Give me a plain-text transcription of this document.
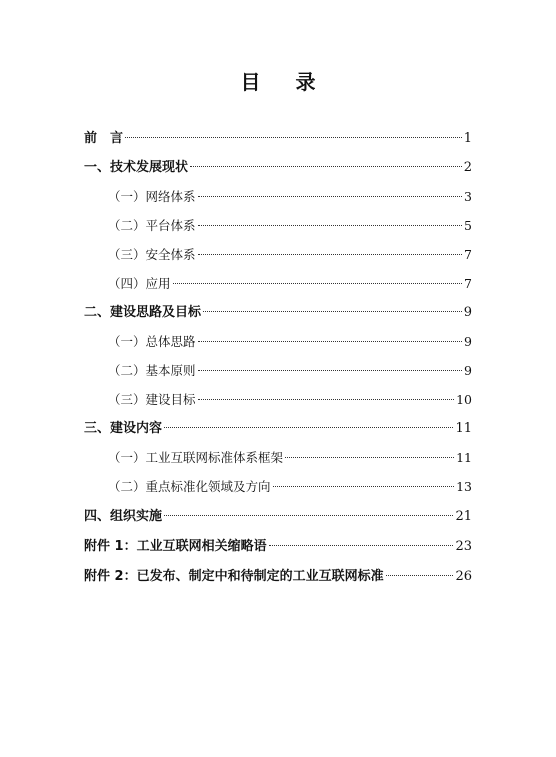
目 录
前　言	1
一、技术发展现状	2
（一）网络体系	3
（二）平台体系	5
（三）安全体系	7
（四）应用	7
二、建设思路及目标	9
（一）总体思路	9
（二）基本原则	9
（三）建设目标	10
三、建设内容	11
（一）工业互联网标准体系框架	11
（二）重点标准化领域及方向	13
四、组织实施	21
附件 1：工业互联网相关缩略语	23
附件 2：已发布、制定中和待制定的工业互联网标准	26
